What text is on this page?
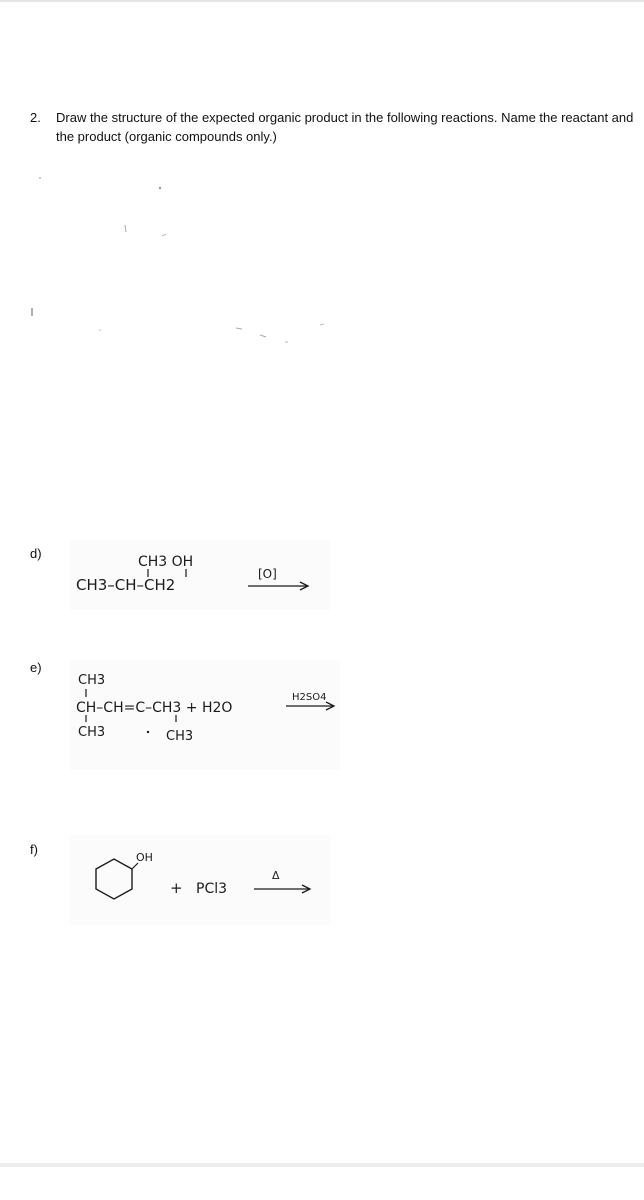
2. Draw the structure of the expected organic product in the following reactions. Name the reactant and the product (organic compounds only.)
d)
CH3 OH
CH3–CH–CH2
[O]
e)
CH3
CH–CH=C–CH3 + H2O
CH3	CH3
H2SO4
f)
OH
+ PCl3
Δ
